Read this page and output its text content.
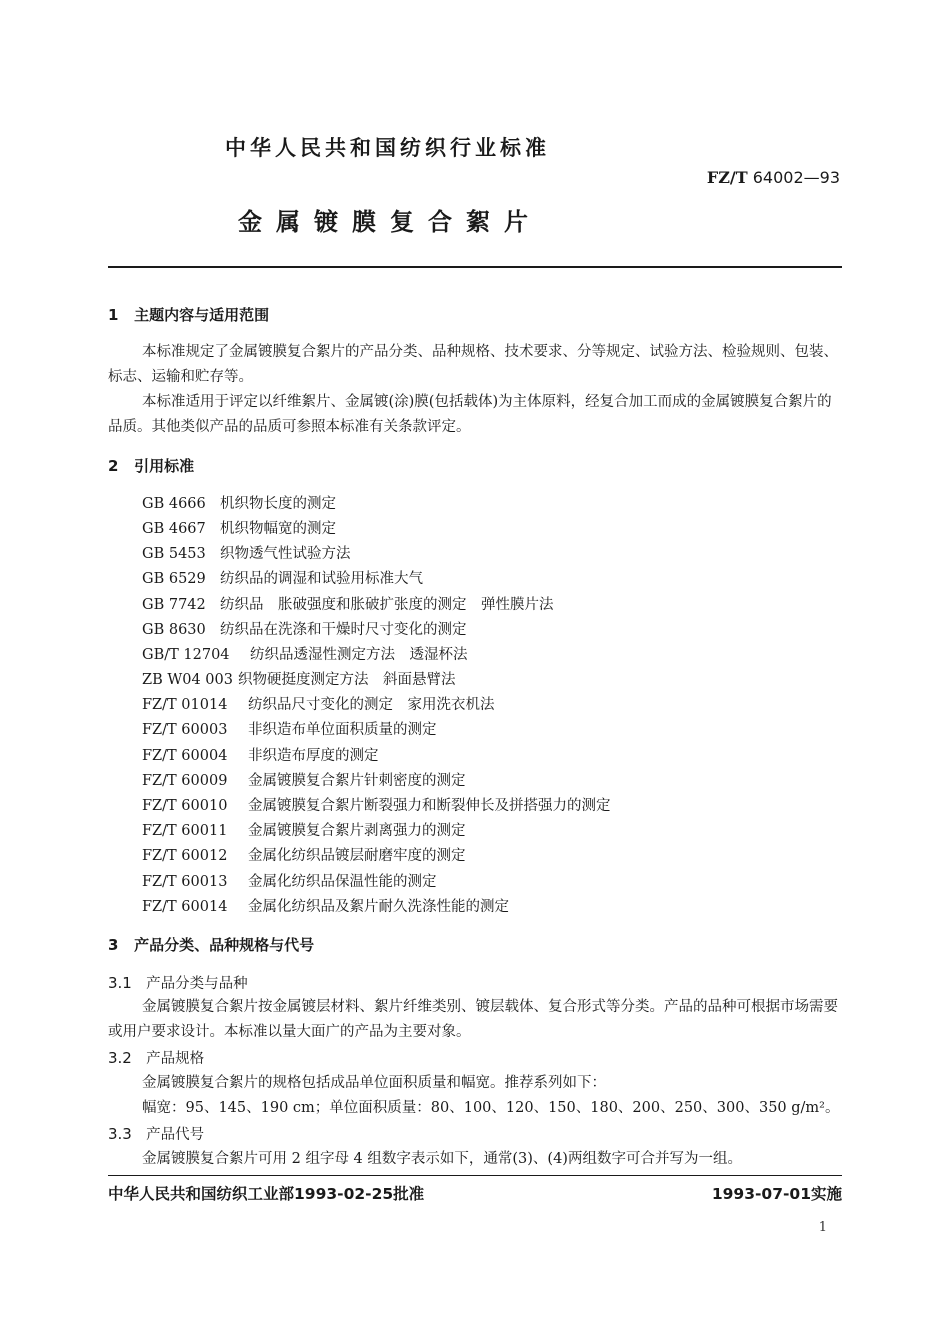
中华人民共和国纺织行业标准
FZ/T 64002—93
金属镀膜复合絮片
1 主题内容与适用范围
本标准规定了金属镀膜复合絮片的产品分类、品种规格、技术要求、分等规定、试验方法、检验规则、包装、标志、运输和贮存等。
本标准适用于评定以纤维絮片、金属镀(涂)膜(包括载体)为主体原料，经复合加工而成的金属镀膜复合絮片的品质。其他类似产品的品质可参照本标准有关条款评定。
2 引用标准
GB 4666 机织物长度的测定
GB 4667 机织物幅宽的测定
GB 5453 织物透气性试验方法
GB 6529 纺织品的调湿和试验用标准大气
GB 7742 纺织品　胀破强度和胀破扩张度的测定　弹性膜片法
GB 8630 纺织品在洗涤和干燥时尺寸变化的测定
GB/T 12704 纺织品透湿性测定方法　透湿杯法
ZB W04 003 织物硬挺度测定方法　斜面悬臂法
FZ/T 01014 纺织品尺寸变化的测定　家用洗衣机法
FZ/T 60003 非织造布单位面积质量的测定
FZ/T 60004 非织造布厚度的测定
FZ/T 60009 金属镀膜复合絮片针刺密度的测定
FZ/T 60010 金属镀膜复合絮片断裂强力和断裂伸长及拼搭强力的测定
FZ/T 60011 金属镀膜复合絮片剥离强力的测定
FZ/T 60012 金属化纺织品镀层耐磨牢度的测定
FZ/T 60013 金属化纺织品保温性能的测定
FZ/T 60014 金属化纺织品及絮片耐久洗涤性能的测定
3 产品分类、品种规格与代号
3.1 产品分类与品种
金属镀膜复合絮片按金属镀层材料、絮片纤维类别、镀层载体、复合形式等分类。产品的品种可根据市场需要或用户要求设计。本标准以量大面广的产品为主要对象。
3.2 产品规格
金属镀膜复合絮片的规格包括成品单位面积质量和幅宽。推荐系列如下：
幅宽：95、145、190 cm；单位面积质量：80、100、120、150、180、200、250、300、350 g/m²。
3.3 产品代号
金属镀膜复合絮片可用 2 组字母 4 组数字表示如下，通常(3)、(4)两组数字可合并写为一组。
中华人民共和国纺织工业部1993-02-25批准	1993-07-01实施
1
